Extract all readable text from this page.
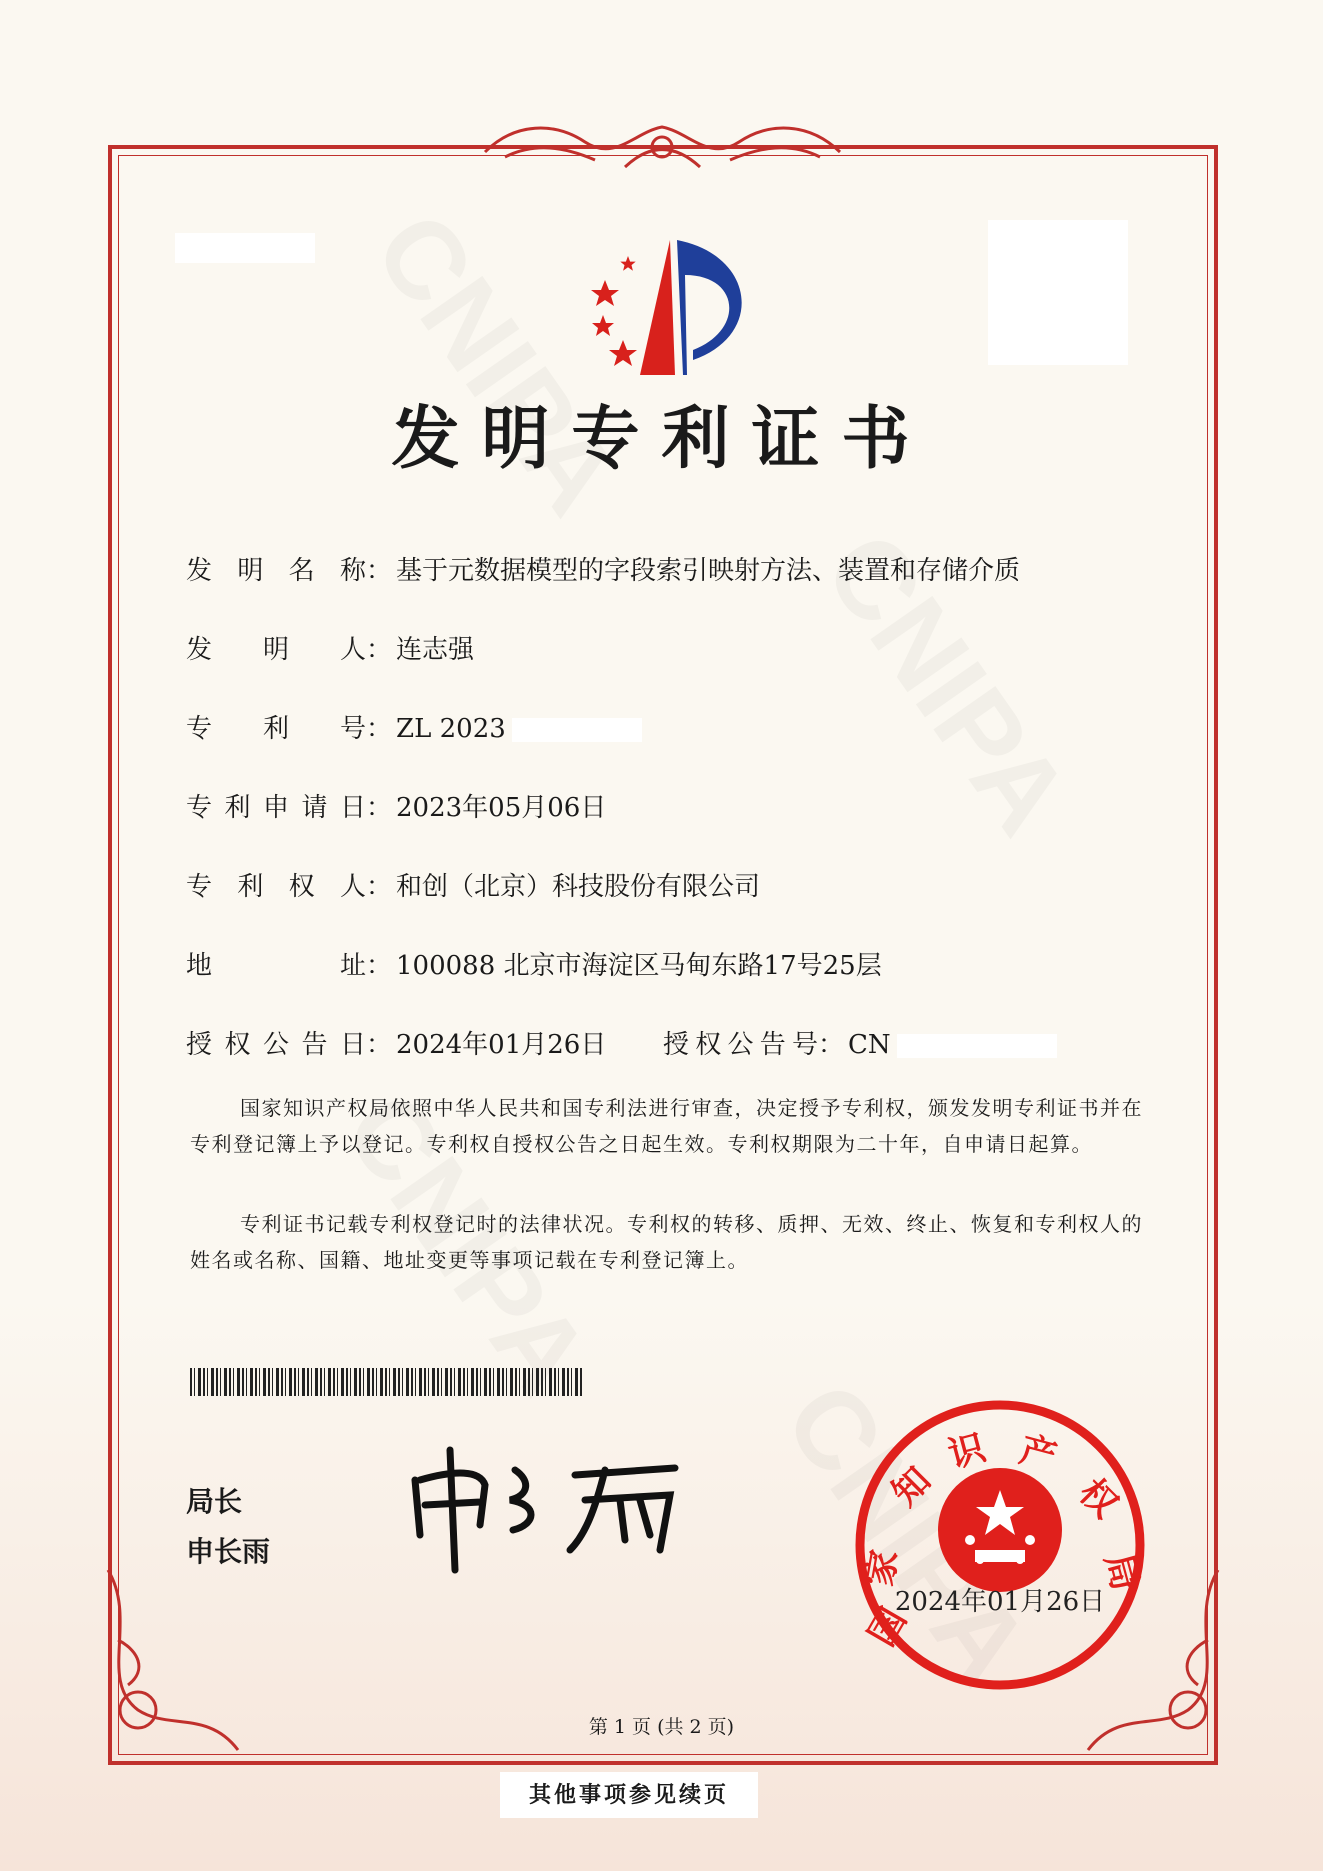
发明专利证书
发明名称： 基于元数据模型的字段索引映射方法、装置和存储介质
发明人： 连志强
专利号： ZL 2023
专利申请日： 2023年05月06日
专利权人： 和创（北京）科技股份有限公司
地址： 100088 北京市海淀区马甸东路17号25层
授权公告日： 2024年01月26日 授权公告号： CN
国家知识产权局依照中华人民共和国专利法进行审查，决定授予专利权，颁发发明专利证书并在专利登记簿上予以登记。专利权自授权公告之日起生效。专利权期限为二十年，自申请日起算。
专利证书记载专利权登记时的法律状况。专利权的转移、质押、无效、终止、恢复和专利权人的姓名或名称、国籍、地址变更等事项记载在专利登记簿上。
局长
申长雨
国
家
知
识 产
权
局
2024年01月26日
第 1 页 (共 2 页)
其他事项参见续页
